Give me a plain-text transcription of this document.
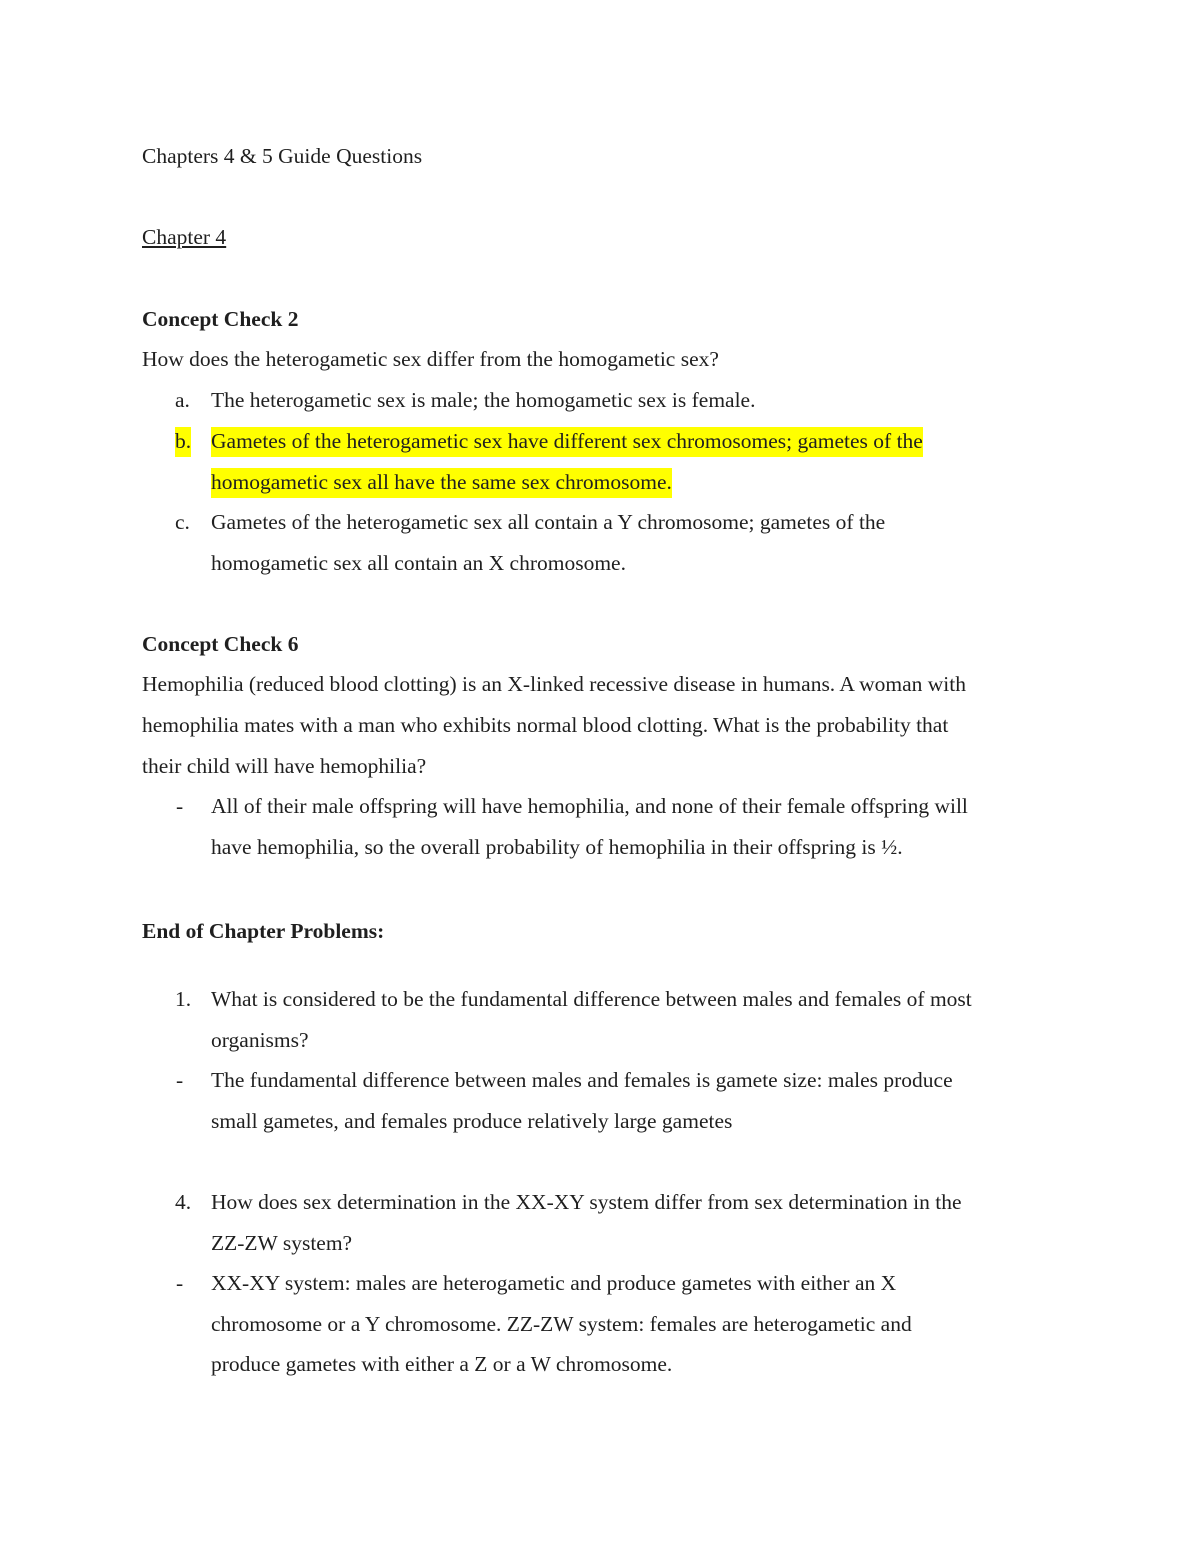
Chapters 4 & 5 Guide Questions
Chapter 4
Concept Check 2
How does the heterogametic sex differ from the homogametic sex?
a. The heterogametic sex is male; the homogametic sex is female.
b. Gametes of the heterogametic sex have different sex chromosomes; gametes of the
homogametic sex all have the same sex chromosome.
c. Gametes of the heterogametic sex all contain a Y chromosome; gametes of the
homogametic sex all contain an X chromosome.
Concept Check 6
Hemophilia (reduced blood clotting) is an X-linked recessive disease in humans. A woman with
hemophilia mates with a man who exhibits normal blood clotting. What is the probability that
their child will have hemophilia?
- All of their male offspring will have hemophilia, and none of their female offspring will
have hemophilia, so the overall probability of hemophilia in their offspring is ½.
End of Chapter Problems:
1. What is considered to be the fundamental difference between males and females of most
organisms?
- The fundamental difference between males and females is gamete size: males produce
small gametes, and females produce relatively large gametes
4. How does sex determination in the XX-XY system differ from sex determination in the
ZZ-ZW system?
- XX-XY system: males are heterogametic and produce gametes with either an X
chromosome or a Y chromosome. ZZ-ZW system: females are heterogametic and
produce gametes with either a Z or a W chromosome.
